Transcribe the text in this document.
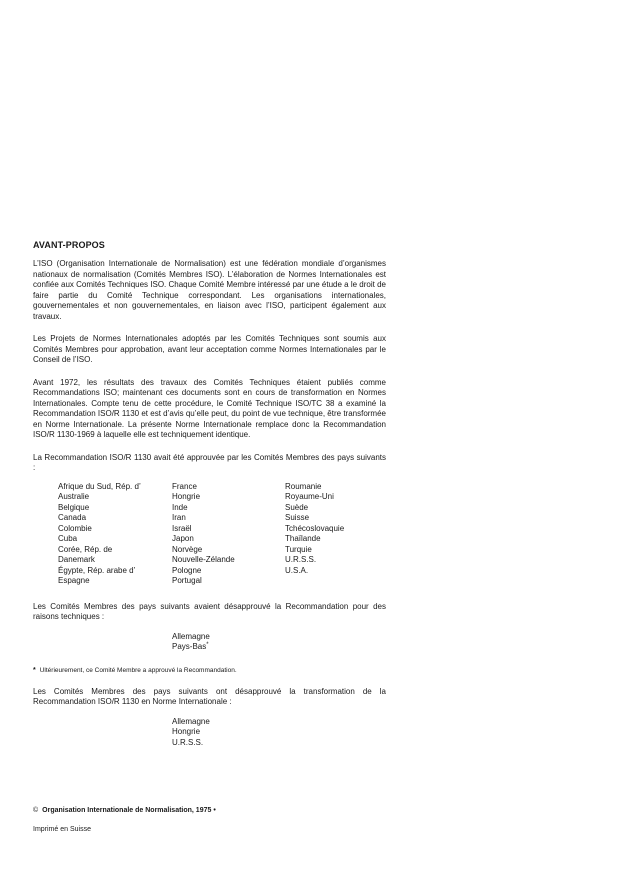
AVANT-PROPOS

L’ISO (Organisation Internationale de Normalisation) est une fédération mondiale d’organismes nationaux de normalisation (Comités Membres ISO). L’élaboration de Normes Internationales est confiée aux Comités Techniques ISO. Chaque Comité Membre intéressé par une étude a le droit de faire partie du Comité Technique correspondant. Les organisations internationales, gouvernementales et non gouvernementales, en liaison avec l’ISO, participent également aux travaux.

Les Projets de Normes Internationales adoptés par les Comités Techniques sont soumis aux Comités Membres pour approbation, avant leur acceptation comme Normes Internationales par le Conseil de l’ISO.

Avant 1972, les résultats des travaux des Comités Techniques étaient publiés comme Recommandations ISO; maintenant ces documents sont en cours de transformation en Normes Internationales. Compte tenu de cette procédure, le Comité Technique ISO/TC 38 a examiné la Recommandation ISO/R 1130 et est d’avis qu’elle peut, du point de vue technique, être transformée en Norme Internationale. La présente Norme Internationale remplace donc la Recommandation ISO/R 1130-1969 à laquelle elle est techniquement identique.

La Recommandation ISO/R 1130 avait été approuvée par les Comités Membres des pays suivants :

Afrique du Sud, Rép. d’
Australie
Belgique
Canada
Colombie
Cuba
Corée, Rép. de
Danemark
Égypte, Rép. arabe d’
Espagne
France
Hongrie
Inde
Iran
Israël
Japon
Norvège
Nouvelle-Zélande
Pologne
Portugal
Roumanie
Royaume-Uni
Suède
Suisse
Tchécoslovaquie
Thaïlande
Turquie
U.R.S.S.
U.S.A.

Les Comités Membres des pays suivants avaient désapprouvé la Recommandation pour des raisons techniques :

Allemagne
Pays-Bas*
* Ultérieurement, ce Comité Membre a approuvé la Recommandation.

Les Comités Membres des pays suivants ont désapprouvé la transformation de la Recommandation ISO/R 1130 en Norme Internationale :

Allemagne
Hongrie
U.R.S.S.
© Organisation Internationale de Normalisation, 1975 •
Imprimé en Suisse
